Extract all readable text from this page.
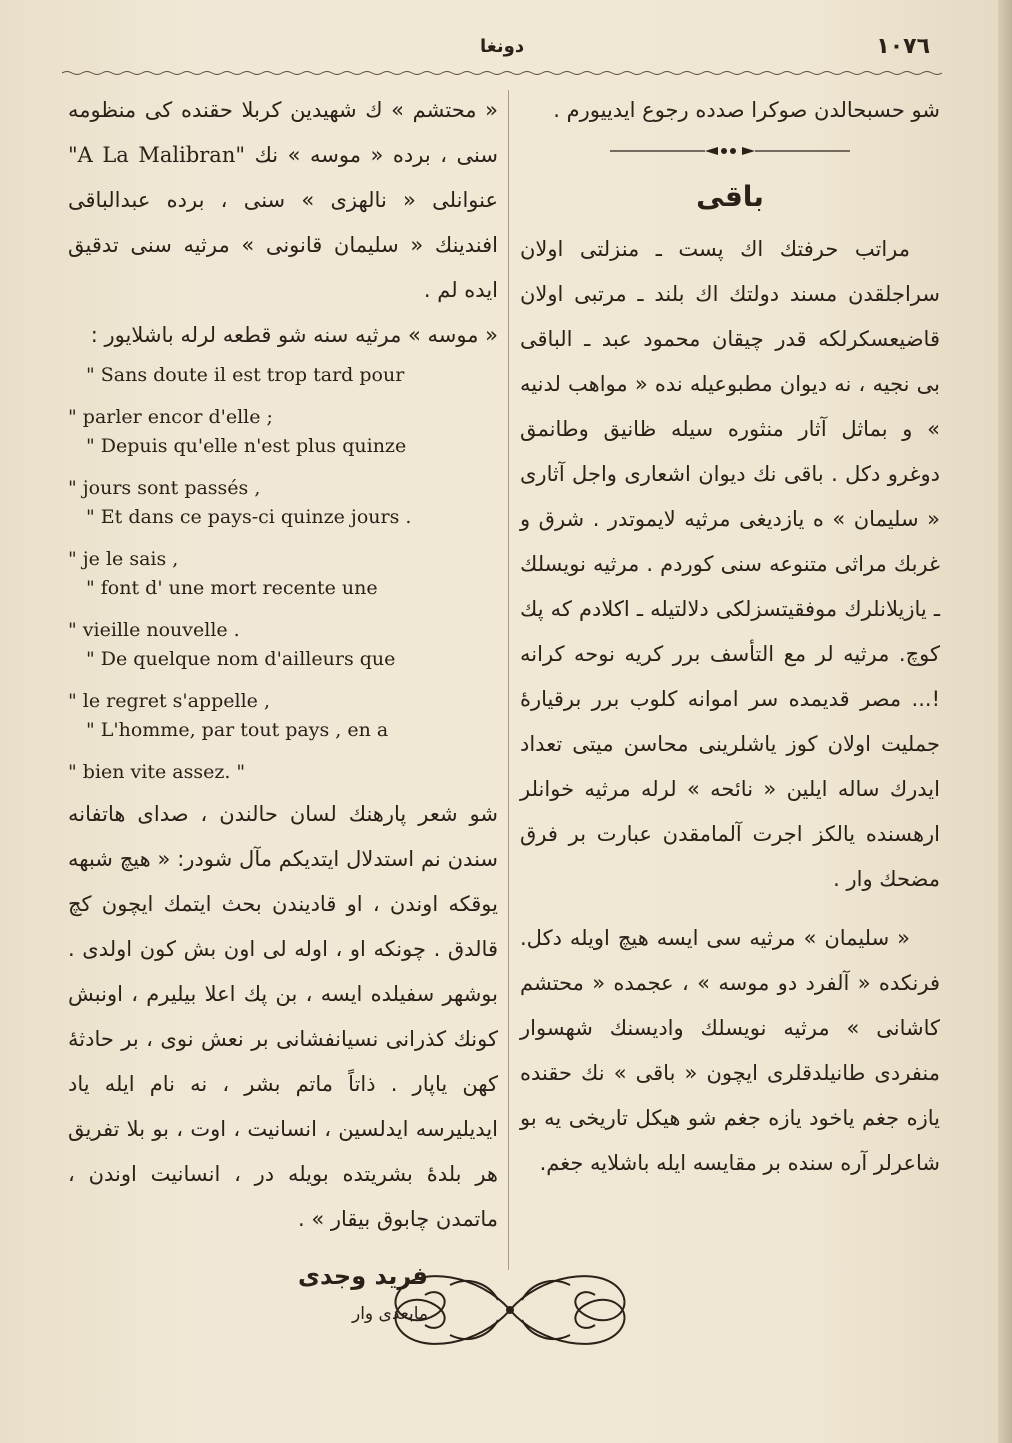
١٠٧٦
دونغا

شو حسبحالدن صوكرا صدده رجوع ایدییورم .

باقی

مراتب حرفتك اك پست ـ منزلتی اولان سراجلقدن مسند دولتك اك بلند ـ مرتبی اولان قاضیعسکرلکه قدر چیقان محمود عبد ـ الباقی بی نجیه ، نه دیوان مطبوعیله نده « مواهب لدنیه » و بماثل آثار منثوره سیله ظانیق وطانمق دوغرو دکل . باقی نك دیوان اشعاری واجل آثاری « سلیمان » ه یازدیغی مرثیه لایموتدر . شرق و غربك مراثی متنوعه سنی کوردم . مرثیه نویسلك ـ یازیلانلرك موفقیتسزلکی دلالتیله ـ اکلادم که پك کوچ. مرثیه لر مع التأسف برر کریه نوحه کرانه !... مصر قدیمده سر اموانه کلوب برر برقیارۀ جملیت اولان کوز یاشلرینی محاسن میتی تعداد ایدرك ساله ایلین « نائحه » لرله مرثیه خوانلر ارهسنده یالکز اجرت آلمامقدن عبارت بر فرق مضحك وار .

« سلیمان » مرثیه سی ایسه هیچ اویله دکل. فرنکده « آلفرد دو موسه » ، عجمده « محتشم کاشانی » مرثیه نویسلك وادیسنك شهسوار منفردی طانیلدقلری ایچون « باقی » نك حقنده یازه جغم یاخود یازه جغم شو هیکل تاریخی یه بو شاعرلر آره سنده بر مقایسه ایله باشلایه جغم.

« محتشم » ك شهیدین کربلا حقنده کی منظومه سنی ، برده « موسه » نك "A La Malibran" عنوانلی « نالهزی » سنی ، برده عبدالباقی افندینك « سلیمان قانونی » مرثیه سنی تدقیق ایده لم .

« موسه » مرثیه سنه شو قطعه لرله باشلایور :

" Sans doute il est trop tard pour

" parler encor d'elle ;

" Depuis qu'elle n'est plus quinze

" jours sont passés ,

" Et dans ce pays-ci quinze jours .

" je le sais ,

" font d' une mort recente une

" vieille nouvelle .

" De quelque nom d'ailleurs que

" le regret s'appelle ,

" L'homme, par tout pays , en a

" bien vite assez. "

شو شعر پارهنك لسان حالندن ، صدای هاتفانه سندن نم استدلال ایتدیکم مآل شودر: « هیچ شبهه یوقکه اوندن ، او قادیندن بحث ایتمك ایچون کچ قالدق . چونکه او ، اوله لی اون بش کون اولدی . بوشهر سفیلده ایسه ، بن پك اعلا بیلیرم ، اونبش کونك کذرانی نسیانفشانی بر نعش نوی ، بر حادثۀ کهن یاپار . ذاتاً ماتم بشر ، نه نام ایله یاد ایدیلیرسه ایدلسین ، انسانیت ، اوت ، بو بلا تفریق هر بلدۀ بشریتده بویله در ، انسانیت اوندن ، ماتمدن چابوق بیقار » .

فرید وجدی
مابعدی وار
